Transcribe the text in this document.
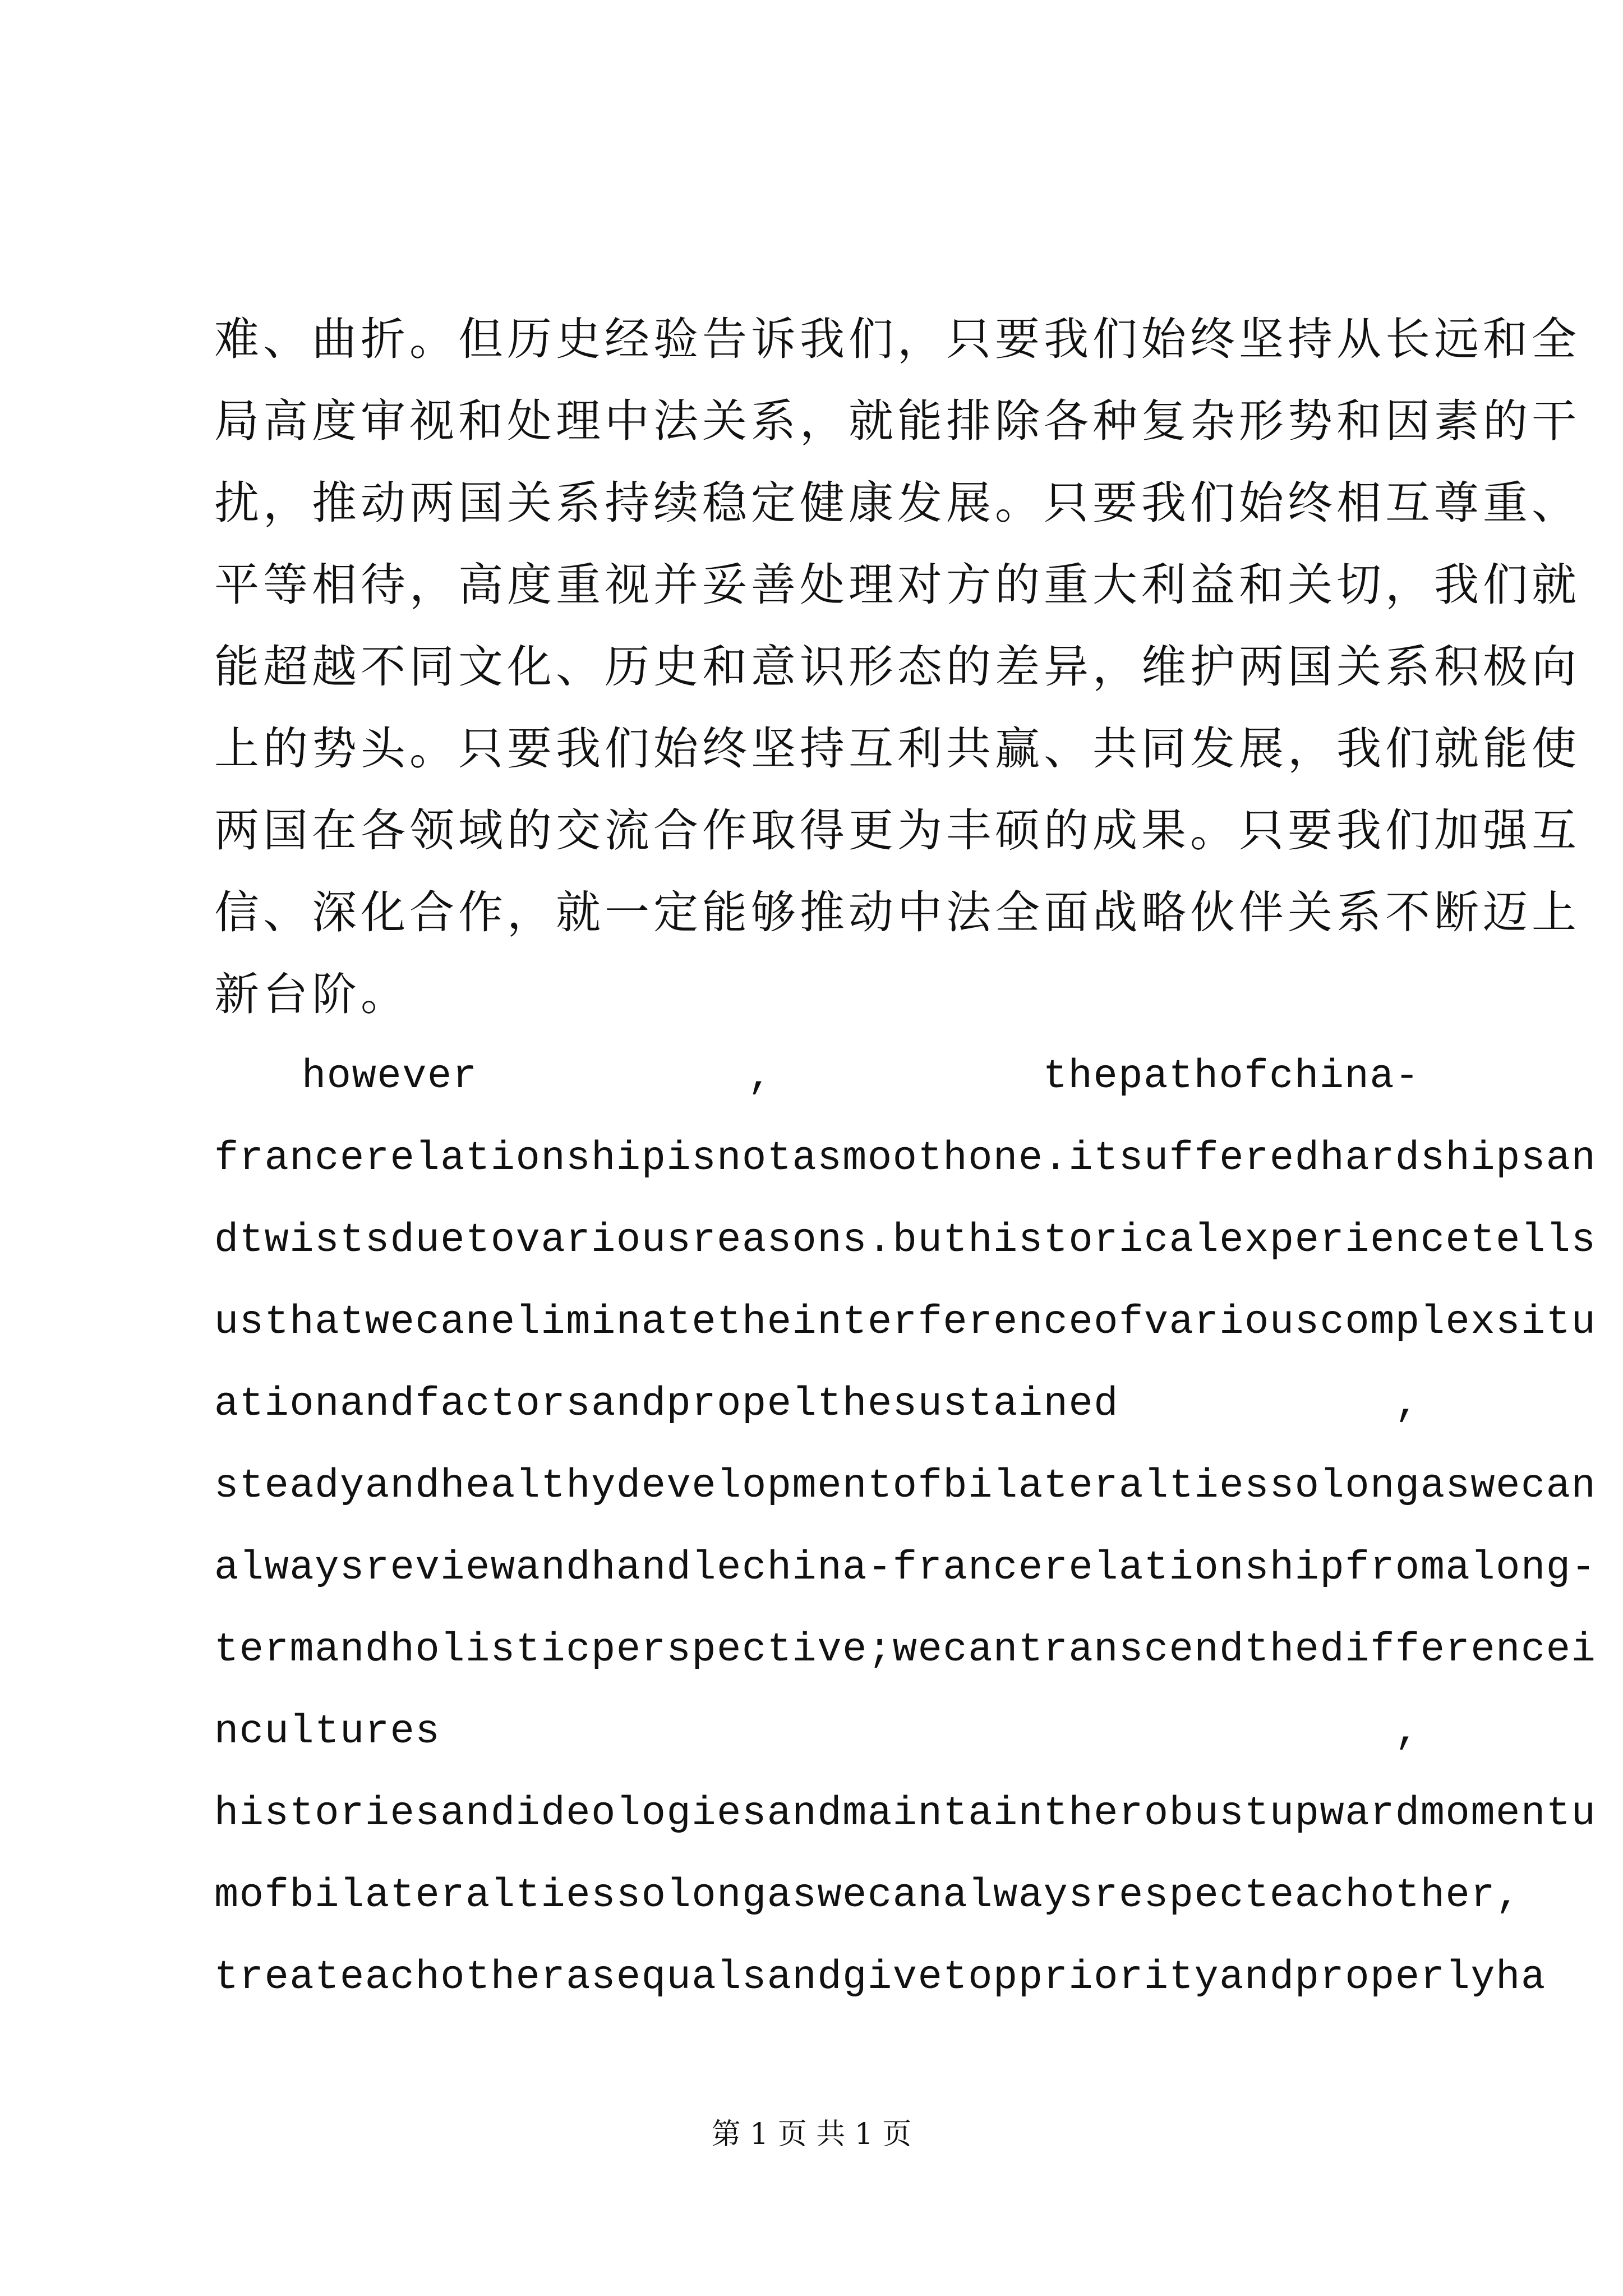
难 、 曲 折 。 但 历 史 经 验 告 诉 我 们 ， 只 要 我 们 始 终 坚 持 从 长 远 和 全
局 高 度 审 视 和 处 理 中 法 关 系 ， 就 能 排 除 各 种 复 杂 形 势 和 因 素 的 干
扰 ， 推 动 两 国 关 系 持 续 稳 定 健 康 发 展 。 只 要 我 们 始 终 相 互 尊 重 、
平 等 相 待 ， 高 度 重 视 并 妥 善 处 理 对 方 的 重 大 利 益 和 关 切 ， 我 们 就
能 超 越 不 同 文 化 、 历 史 和 意 识 形 态 的 差 异 ， 维 护 两 国 关 系 积 极 向
上 的 势 头 。 只 要 我 们 始 终 坚 持 互 利 共 赢 、 共 同 发 展 ， 我 们 就 能 使
两 国 在 各 领 域 的 交 流 合 作 取 得 更 为 丰 硕 的 成 果 。 只 要 我 们 加 强 互
信 、 深 化 合 作 ， 就 一 定 能 够 推 动 中 法 全 面 战 略 伙 伴 关 系 不 断 迈 上
新台阶。
however	,	thepathofchina-
francerelationshipisnotasmoothone.itsufferedhardshipsan
dtwistsduetovariousreasons.buthistoricalexperiencetells
usthatwecaneliminatetheinterferenceofvariouscomplexsitu
ationandfactorsandpropelthesustained	,
steadyandhealthydevelopmentofbilateraltiessolongaswecan
alwaysreviewandhandlechina-francerelationshipfromalong-
termandholisticperspective;wecantranscendthedifferencei
ncultures	,
historiesandideologiesandmaintaintherobustupwardmomentu
mofbilateraltiessolongaswecanalwaysrespecteachother ,
treateachotherasequalsandgivetoppriorityandproperlyha
第 1 页 共 1 页
